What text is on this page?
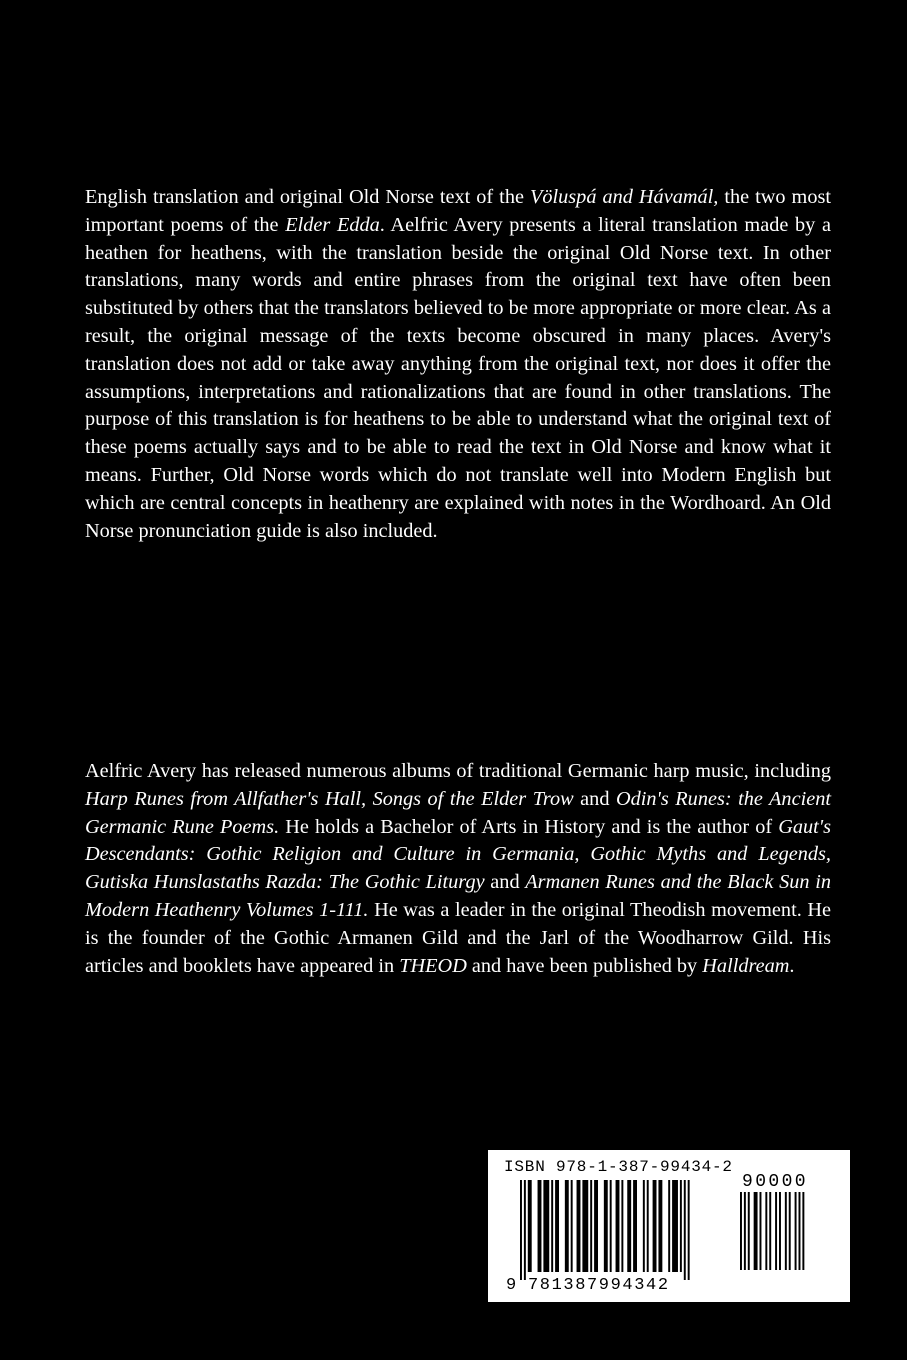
English translation and original Old Norse text of the Völuspá and Hávamál, the two most important poems of the Elder Edda. Aelfric Avery presents a literal translation made by a heathen for heathens, with the translation beside the original Old Norse text. In other translations, many words and entire phrases from the original text have often been substituted by others that the translators believed to be more appropriate or more clear. As a result, the original message of the texts become obscured in many places. Avery's translation does not add or take away anything from the original text, nor does it offer the assumptions, interpretations and rationalizations that are found in other translations. The purpose of this translation is for heathens to be able to understand what the original text of these poems actually says and to be able to read the text in Old Norse and know what it means. Further, Old Norse words which do not translate well into Modern English but which are central concepts in heathenry are explained with notes in the Wordhoard. An Old Norse pronunciation guide is also included.

Aelfric Avery has released numerous albums of traditional Germanic harp music, including Harp Runes from Allfather's Hall, Songs of the Elder Trow and Odin's Runes: the Ancient Germanic Rune Poems. He holds a Bachelor of Arts in History and is the author of Gaut's Descendants: Gothic Religion and Culture in Germania, Gothic Myths and Legends, Gutiska Hunslastaths Razda: The Gothic Liturgy and Armanen Runes and the Black Sun in Modern Heathenry Volumes 1-111. He was a leader in the original Theodish movement. He is the founder of the Gothic Armanen Gild and the Jarl of the Woodharrow Gild. His articles and booklets have appeared in THEOD and have been published by Halldream.

ISBN 978-1-387-99434-2
90000
9 781387994342
